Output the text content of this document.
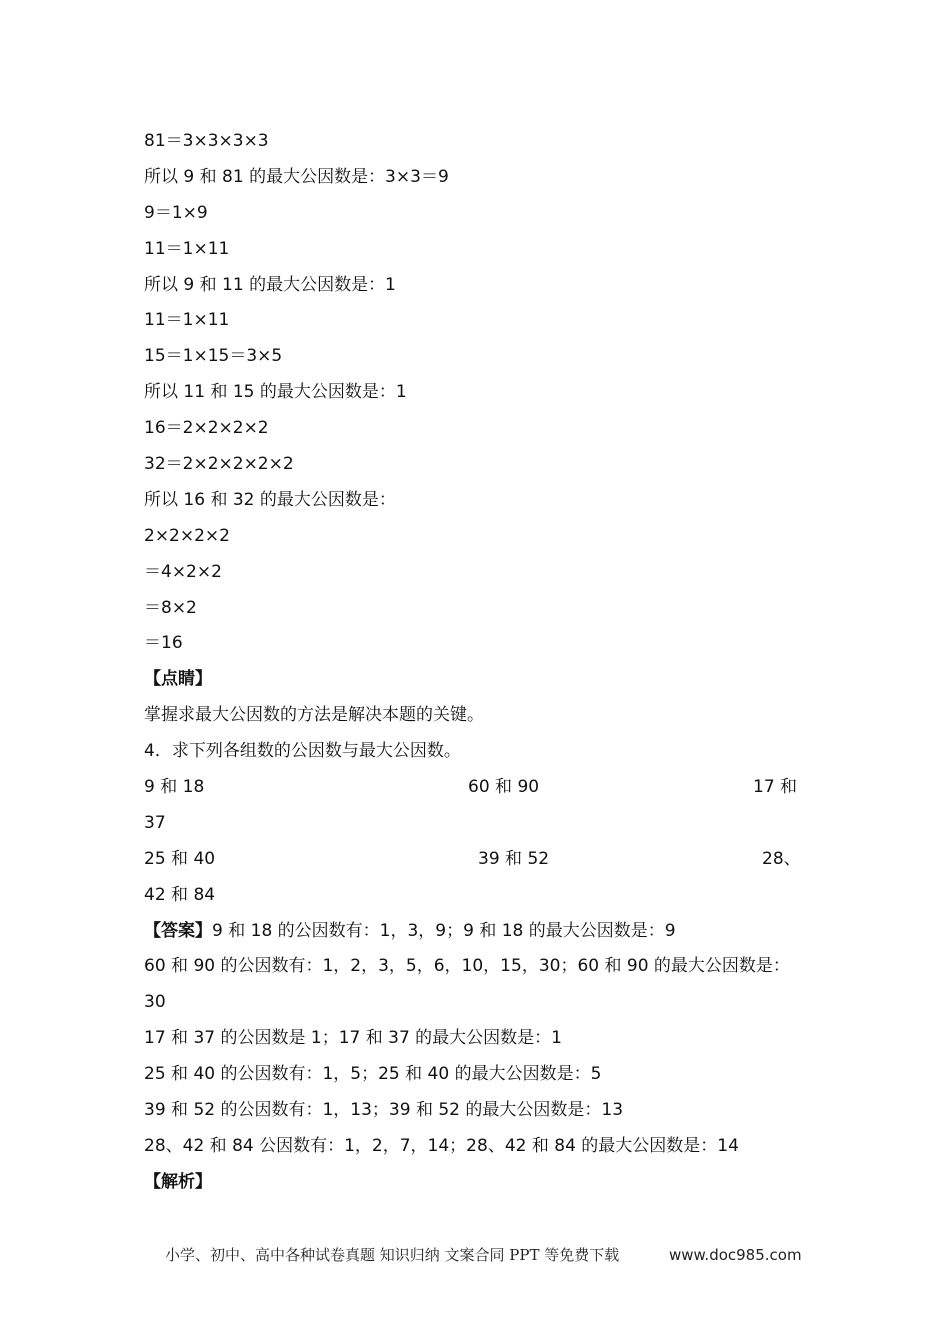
81＝3×3×3×3
所以 9 和 81 的最大公因数是：3×3＝9
9＝1×9
11＝1×11
所以 9 和 11 的最大公因数是：1
11＝1×11
15＝1×15＝3×5
所以 11 和 15 的最大公因数是：1
16＝2×2×2×2
32＝2×2×2×2×2
所以 16 和 32 的最大公因数是：
2×2×2×2
＝4×2×2
＝8×2
＝16
【点睛】
掌握求最大公因数的方法是解决本题的关键。
4．求下列各组数的公因数与最大公因数。
9 和 18	60 和 90	17 和
37
25 和 40	39 和 52	28、
42 和 84
【答案】9 和 18 的公因数有：1，3，9；9 和 18 的最大公因数是：9
60 和 90 的公因数有：1，2，3，5，6，10，15，30；60 和 90 的最大公因数是：
30
17 和 37 的公因数是 1；17 和 37 的最大公因数是：1
25 和 40 的公因数有：1，5；25 和 40 的最大公因数是：5
39 和 52 的公因数有：1，13；39 和 52 的最大公因数是：13
28、42 和 84 公因数有：1，2，7，14；28、42 和 84 的最大公因数是：14
【解析】
小学、初中、高中各种试卷真题 知识归纳 文案合同 PPT 等免费下载	www.doc985.com
